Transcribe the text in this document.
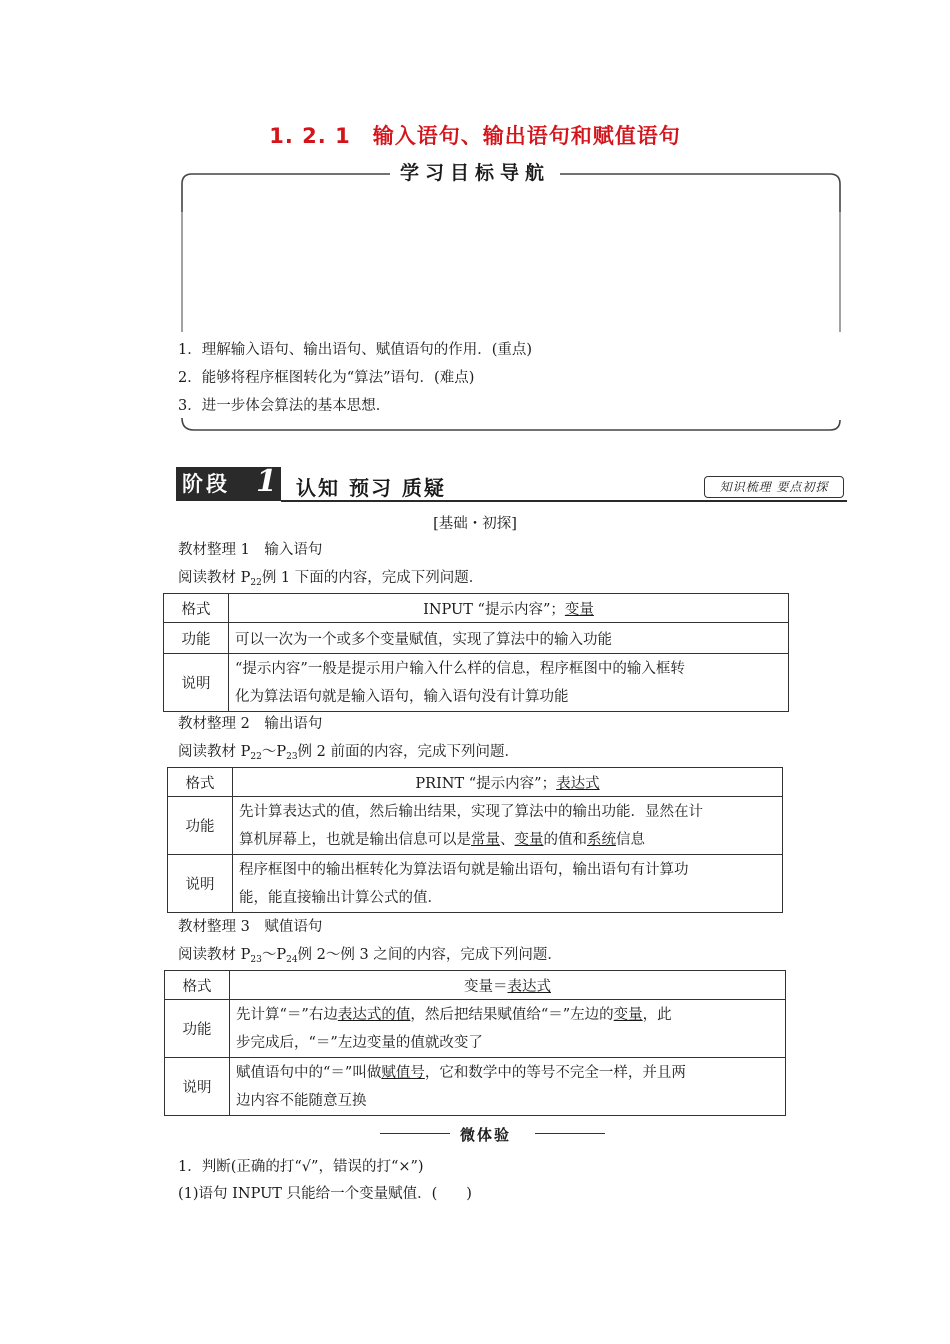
1. 2. 1　输入语句、输出语句和赋值语句
学习目标导航
1．理解输入语句、输出语句、赋值语句的作用．(重点)
2．能够将程序框图转化为“算法”语句．(难点)
3．进一步体会算法的基本思想．
阶段 1 认知 预习 质疑	知识梳理 要点初探
[基础・初探]
教材整理 1　输入语句
阅读教材 $P_{22}$例 1 下面的内容，完成下列问题．
格式	INPUT “提示内容”；变量
功能	可以一次为一个或多个变量赋值，实现了算法中的输入功能
说明	“提示内容”一般是提示用户输入什么样的信息，程序框图中的输入框转
化为算法语句就是输入语句，输入语句没有计算功能
教材整理 2　输出语句
阅读教材 $P_{22}\sim P_{23}$例 2 前面的内容，完成下列问题．
格式	PRINT “提示内容”；表达式
功能	先计算表达式的值，然后输出结果，实现了算法中的输出功能．显然在计
算机屏幕上，也就是输出信息可以是常量、变量的值和系统信息

说明	程序框图中的输出框转化为算法语句就是输出语句，输出语句有计算功
能，能直接输出计算公式的值．
教材整理 3　赋值语句
阅读教材 $P_{23}\sim P_{24}$例 2～例 3 之间的内容，完成下列问题．
格式	变量＝表达式
功能	先计算“＝”右边表达式的值，然后把结果赋值给“＝”左边的变量，此
步完成后，“＝”左边变量的值就改变了

说明	赋值语句中的“＝”叫做赋值号，它和数学中的等号不完全一样，并且两
边内容不能随意互换
微体验
1．判断(正确的打“√”，错误的打“×”)
(1)语句 INPUT 只能给一个变量赋值．(　　)
